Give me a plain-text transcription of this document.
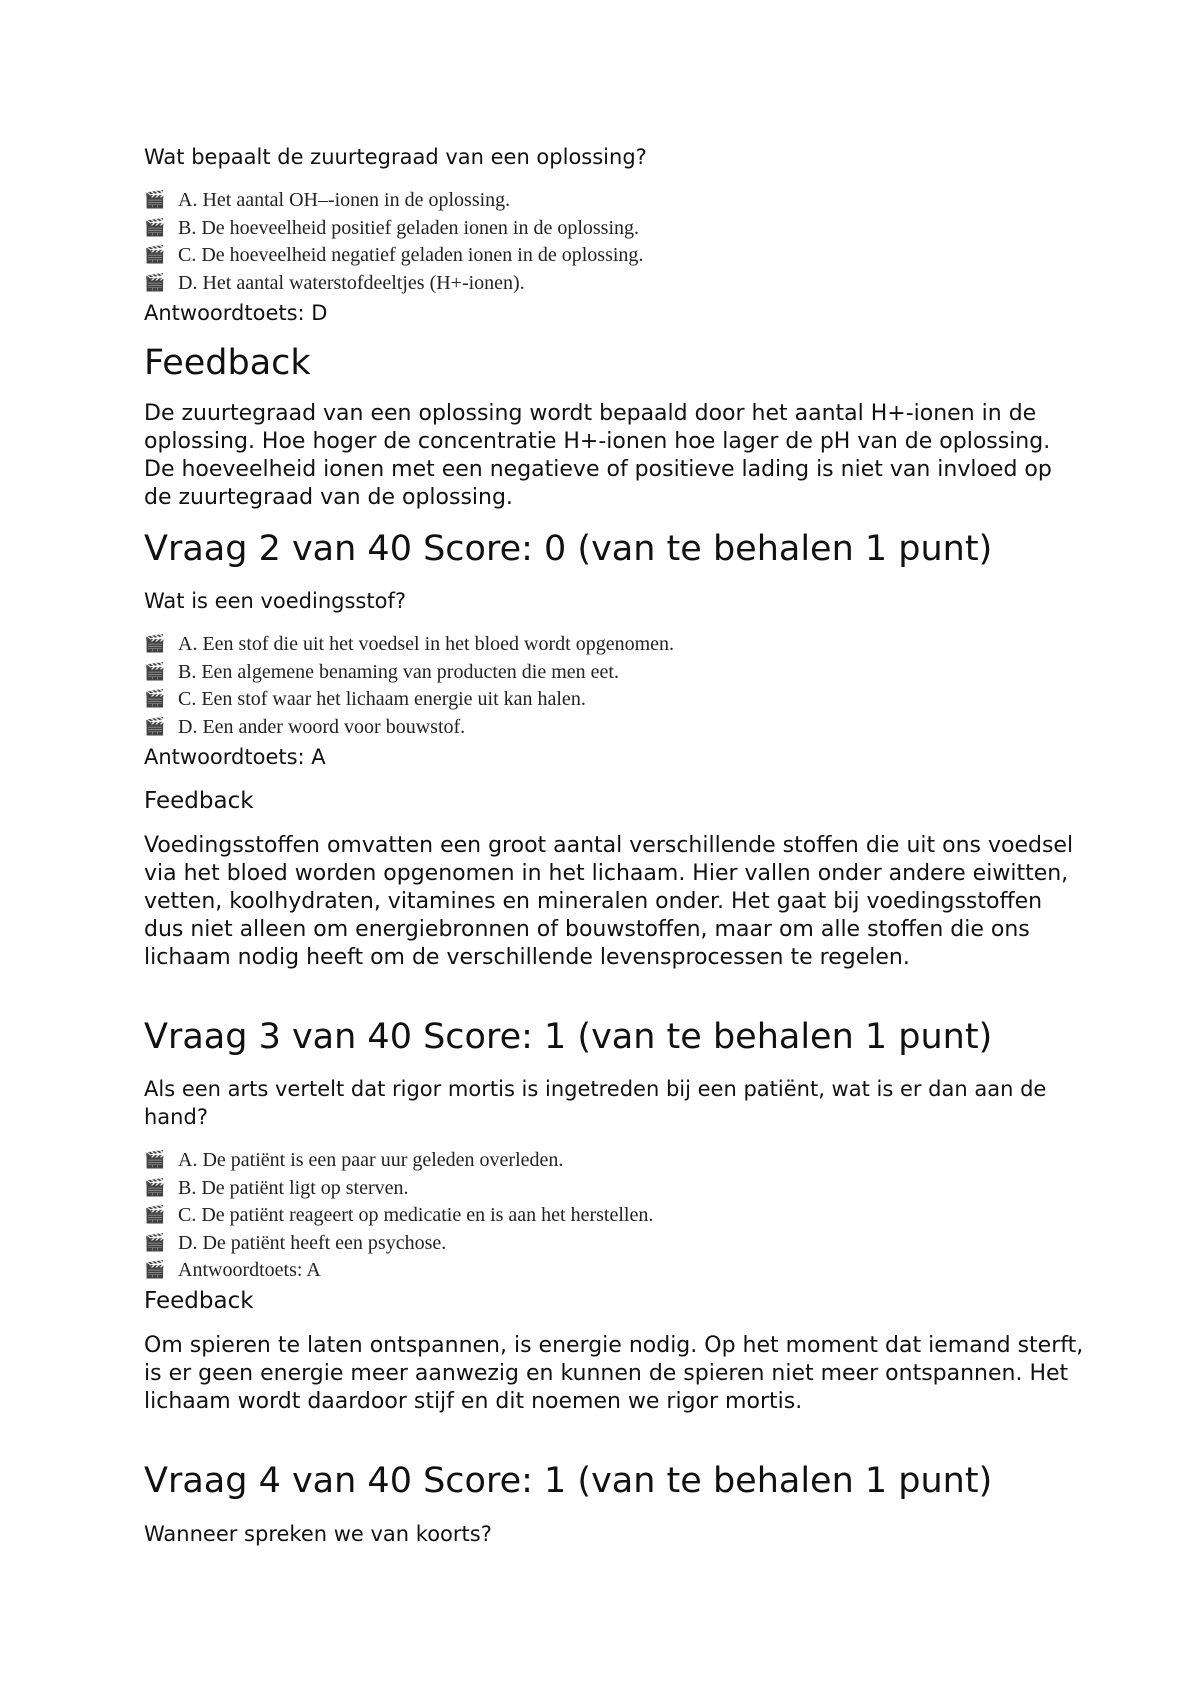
Wat bepaalt de zuurtegraad van een oplossing?

🎬 A. Het aantal OH–-ionen in de oplossing.
🎬 B. De hoeveelheid positief geladen ionen in de oplossing.
🎬 C. De hoeveelheid negatief geladen ionen in de oplossing.
🎬 D. Het aantal waterstofdeeltjes (H+-ionen).

Antwoordtoets: D

Feedback

De zuurtegraad van een oplossing wordt bepaald door het aantal H+-ionen in de oplossing. Hoe hoger de concentratie H+-ionen hoe lager de pH van de oplossing. De hoeveelheid ionen met een negatieve of positieve lading is niet van invloed op de zuurtegraad van de oplossing.

Vraag 2 van 40 Score: 0 (van te behalen 1 punt)

Wat is een voedingsstof?

🎬 A. Een stof die uit het voedsel in het bloed wordt opgenomen.
🎬 B. Een algemene benaming van producten die men eet.
🎬 C. Een stof waar het lichaam energie uit kan halen.
🎬 D. Een ander woord voor bouwstof.

Antwoordtoets: A

Feedback

Voedingsstoffen omvatten een groot aantal verschillende stoffen die uit ons voedsel via het bloed worden opgenomen in het lichaam. Hier vallen onder andere eiwitten, vetten, koolhydraten, vitamines en mineralen onder. Het gaat bij voedingsstoffen dus niet alleen om energiebronnen of bouwstoffen, maar om alle stoffen die ons lichaam nodig heeft om de verschillende levensprocessen te regelen.

Vraag 3 van 40 Score: 1 (van te behalen 1 punt)

Als een arts vertelt dat rigor mortis is ingetreden bij een patiënt, wat is er dan aan de hand?

🎬 A. De patiënt is een paar uur geleden overleden.
🎬 B. De patiënt ligt op sterven.
🎬 C. De patiënt reageert op medicatie en is aan het herstellen.
🎬 D. De patiënt heeft een psychose.
🎬 Antwoordtoets: A
Feedback

Om spieren te laten ontspannen, is energie nodig. Op het moment dat iemand sterft, is er geen energie meer aanwezig en kunnen de spieren niet meer ontspannen. Het lichaam wordt daardoor stijf en dit noemen we rigor mortis.

Vraag 4 van 40 Score: 1 (van te behalen 1 punt)

Wanneer spreken we van koorts?
